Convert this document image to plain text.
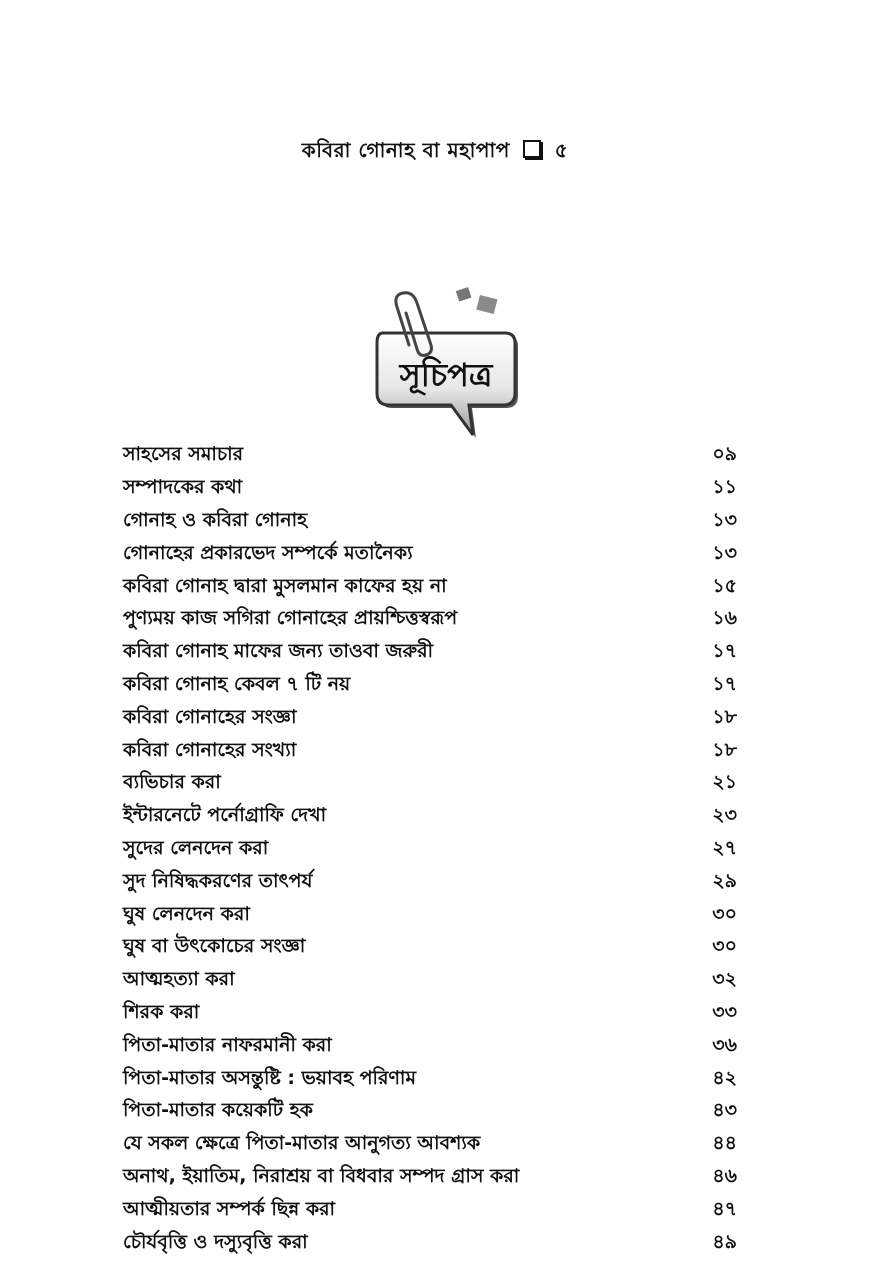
কবিরা গোনাহ বা মহাপাপ ৫
সূচিপত্র
সাহসের সমাচার	০৯
সম্পাদকের কথা	১১
গোনাহ ও কবিরা গোনাহ	১৩
গোনাহের প্রকারভেদ সম্পর্কে মতানৈক্য	১৩
কবিরা গোনাহ দ্বারা মুসলমান কাফের হয় না	১৫
পুণ্যময় কাজ সগিরা গোনাহের প্রায়শ্চিত্তস্বরূপ	১৬
কবিরা গোনাহ মাফের জন্য তাওবা জরুরী	১৭
কবিরা গোনাহ কেবল ৭ টি নয়	১৭
কবিরা গোনাহের সংজ্ঞা	১৮
কবিরা গোনাহের সংখ্যা	১৮
ব্যভিচার করা	২১
ইন্টারনেটে পর্নোগ্রাফি দেখা	২৩
সুদের লেনদেন করা	২৭
সুদ নিষিদ্ধকরণের তাৎপর্য	২৯
ঘুষ লেনদেন করা	৩০
ঘুষ বা উৎকোচের সংজ্ঞা	৩০
আত্মহত্যা করা	৩২
শিরক করা	৩৩
পিতা-মাতার নাফরমানী করা	৩৬
পিতা-মাতার অসন্তুষ্টি : ভয়াবহ পরিণাম	৪২
পিতা-মাতার কয়েকটি হক	৪৩
যে সকল ক্ষেত্রে পিতা-মাতার আনুগত্য আবশ্যক	৪৪
অনাথ, ইয়াতিম, নিরাশ্রয় বা বিধবার সম্পদ গ্রাস করা	৪৬
আত্মীয়তার সম্পর্ক ছিন্ন করা	৪৭
চৌর্যবৃত্তি ও দস্যুবৃত্তি করা	৪৯
